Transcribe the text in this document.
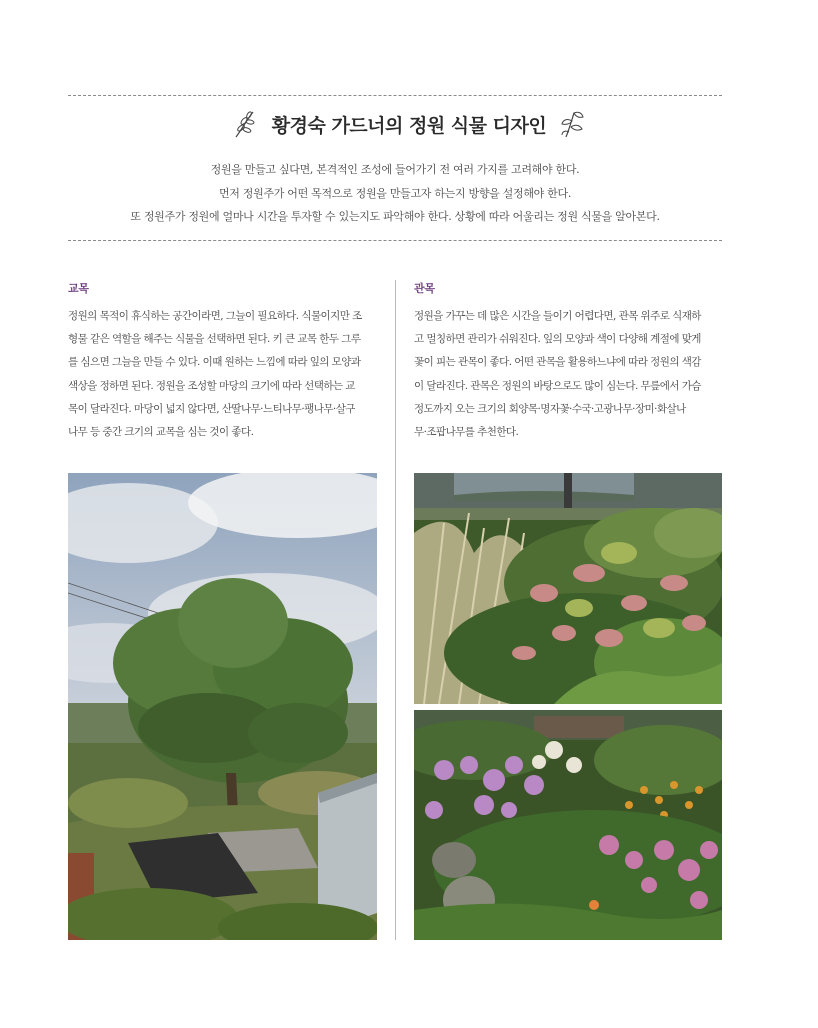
황경숙 가드너의 정원 식물 디자인
정원을 만들고 싶다면, 본격적인 조성에 들어가기 전 여러 가지를 고려해야 한다.
먼저 정원주가 어떤 목적으로 정원을 만들고자 하는지 방향을 설정해야 한다.
또 정원주가 정원에 얼마나 시간을 투자할 수 있는지도 파악해야 한다. 상황에 따라 어울리는 정원 식물을 알아본다.
교목
정원의 목적이 휴식하는 공간이라면, 그늘이 필요하다. 식물이지만 조
형물 같은 역할을 해주는 식물을 선택하면 된다. 키 큰 교목 한두 그루
를 심으면 그늘을 만들 수 있다. 이때 원하는 느낌에 따라 잎의 모양과
색상을 정하면 된다. 정원을 조성할 마당의 크기에 따라 선택하는 교
목이 달라진다. 마당이 넓지 않다면, 산딸나무·느티나무·팽나무·살구
나무 등 중간 크기의 교목을 심는 것이 좋다.
관목
정원을 가꾸는 데 많은 시간을 들이기 어렵다면, 관목 위주로 식재하
고 멀칭하면 관리가 쉬워진다. 잎의 모양과 색이 다양해 계절에 맞게
꽃이 피는 관목이 좋다. 어떤 관목을 활용하느냐에 따라 정원의 색감
이 달라진다. 관목은 정원의 바탕으로도 많이 심는다. 무릎에서 가슴
정도까지 오는 크기의 회양목·명자꽃·수국·고광나무·장미·화살나
무·조팝나무를 추천한다.
